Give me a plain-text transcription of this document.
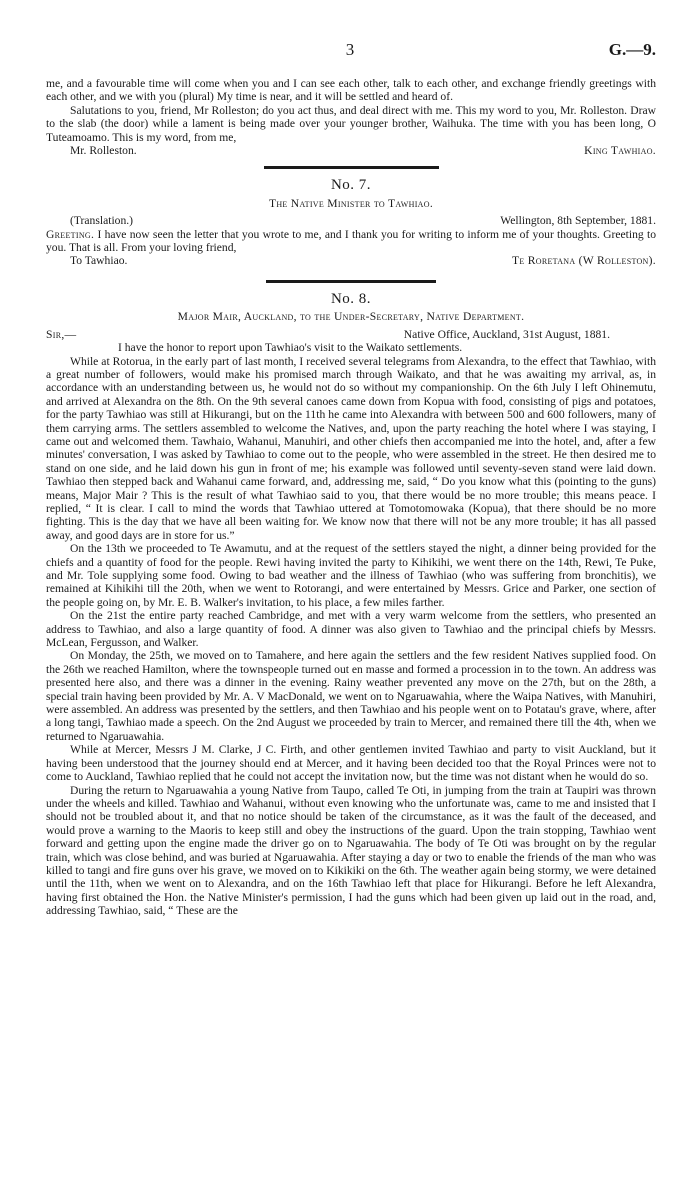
3	G.—9.

me, and a favourable time will come when you and I can see each other, talk to each other, and exchange friendly greetings with each other, and we with you (plural) My time is near, and it will be settled and heard of.

Salutations to you, friend, Mr Rolleston; do you act thus, and deal direct with me. This my word to you, Mr. Rolleston. Draw to the slab (the door) while a lament is being made over your younger brother, Waihuka. The time with you has been long, O Tuteamoamo. This is my word, from me,

Mr. Rolleston.	King Tawhiao.
No. 7.
The Native Minister to Tawhiao.
(Translation.)	Wellington, 8th September, 1881.

Greeting. I have now seen the letter that you wrote to me, and I thank you for writing to inform me of your thoughts. Greeting to you. That is all. From your loving friend,

To Tawhiao.	Te Roretana (W Rolleston).
No. 8.
Major Mair, Auckland, to the Under-Secretary, Native Department.
Sir,—	Native Office, Auckland, 31st August, 1881.

I have the honor to report upon Tawhiao's visit to the Waikato settlements.

While at Rotorua, in the early part of last month, I received several telegrams from Alexandra, to the effect that Tawhiao, with a great number of followers, would make his promised march through Waikato, and that he was awaiting my arrival, as, in accordance with an understanding between us, he would not do so without my companionship. On the 6th July I left Ohinemutu, and arrived at Alexandra on the 8th. On the 9th several canoes came down from Kopua with food, consisting of pigs and potatoes, for the party Tawhiao was still at Hikurangi, but on the 11th he came into Alexandra with between 500 and 600 followers, many of them carrying arms. The settlers assembled to welcome the Natives, and, upon the party reaching the hotel where I was staying, I came out and welcomed them. Tawhaio, Wahanui, Manuhiri, and other chiefs then accompanied me into the hotel, and, after a few minutes' conversation, I was asked by Tawhiao to come out to the people, who were assembled in the street. He then desired me to stand on one side, and he laid down his gun in front of me; his example was followed until seventy-seven stand were laid down. Tawhiao then stepped back and Wahanui came forward, and, addressing me, said, “ Do you know what this (pointing to the guns) means, Major Mair ? This is the result of what Tawhiao said to you, that there would be no more trouble; this means peace. I replied, “ It is clear. I call to mind the words that Tawhiao uttered at Tomotomowaka (Kopua), that there should be no more fighting. This is the day that we have all been waiting for. We know now that there will not be any more trouble; it has all passed away, and good days are in store for us.”

On the 13th we proceeded to Te Awamutu, and at the request of the settlers stayed the night, a dinner being provided for the chiefs and a quantity of food for the people. Rewi having invited the party to Kihikihi, we went there on the 14th, Rewi, Te Puke, and Mr. Tole supplying some food. Owing to bad weather and the illness of Tawhiao (who was suffering from bronchitis), we remained at Kihikihi till the 20th, when we went to Rotorangi, and were entertained by Messrs. Grice and Parker, one section of the people going on, by Mr. E. B. Walker's invitation, to his place, a few miles farther.

On the 21st the entire party reached Cambridge, and met with a very warm welcome from the settlers, who presented an address to Tawhiao, and also a large quantity of food. A dinner was also given to Tawhiao and the principal chiefs by Messrs. McLean, Fergusson, and Walker.

On Monday, the 25th, we moved on to Tamahere, and here again the settlers and the few resident Natives supplied food. On the 26th we reached Hamilton, where the townspeople turned out en masse and formed a procession in to the town. An address was presented here also, and there was a dinner in the evening. Rainy weather prevented any move on the 27th, but on the 28th, a special train having been provided by Mr. A. V MacDonald, we went on to Ngaruawahia, where the Waipa Natives, with Manuhiri, were assembled. An address was presented by the settlers, and then Tawhiao and his people went on to Potatau's grave, where, after a long tangi, Tawhiao made a speech. On the 2nd August we proceeded by train to Mercer, and remained there till the 4th, when we returned to Ngaruawahia.

While at Mercer, Messrs J M. Clarke, J C. Firth, and other gentlemen invited Tawhiao and party to visit Auckland, but it having been understood that the journey should end at Mercer, and it having been decided too that the Royal Princes were not to come to Auckland, Tawhiao replied that he could not accept the invitation now, but the time was not distant when he would do so.

During the return to Ngaruawahia a young Native from Taupo, called Te Oti, in jumping from the train at Taupiri was thrown under the wheels and killed. Tawhiao and Wahanui, without even knowing who the unfortunate was, came to me and insisted that I should not be troubled about it, and that no notice should be taken of the circumstance, as it was the fault of the deceased, and would prove a warning to the Maoris to keep still and obey the instructions of the guard. Upon the train stopping, Tawhiao went forward and getting upon the engine made the driver go on to Ngaruawahia. The body of Te Oti was brought on by the regular train, which was close behind, and was buried at Ngaruawahia. After staying a day or two to enable the friends of the man who was killed to tangi and fire guns over his grave, we moved on to Kikikiki on the 6th. The weather again being stormy, we were detained until the 11th, when we went on to Alexandra, and on the 16th Tawhiao left that place for Hikurangi. Before he left Alexandra, having first obtained the Hon. the Native Minister's permission, I had the guns which had been given up laid out in the road, and, addressing Tawhiao, said, “ These are the
